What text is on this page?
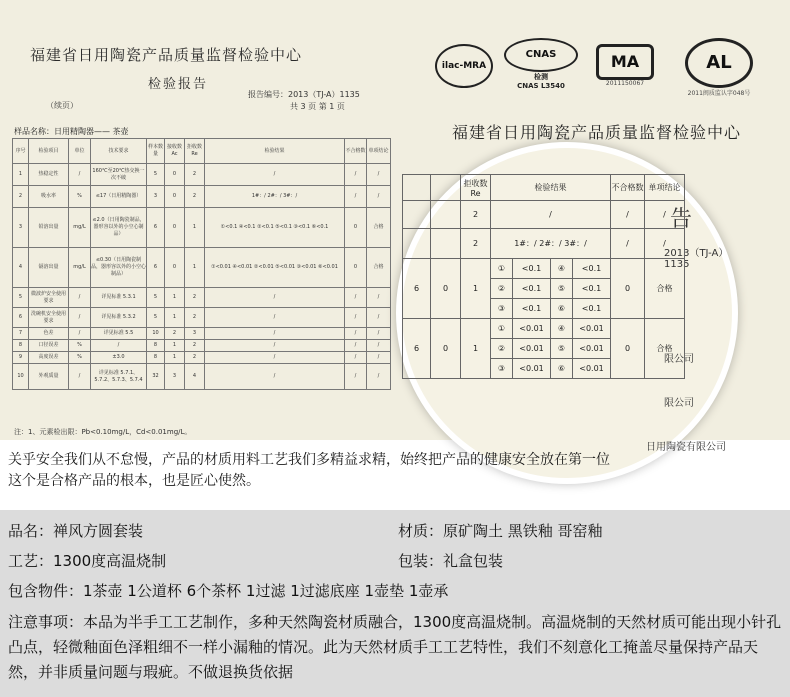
福建省日用陶瓷产品质量监督检验中心
检验报告
报告编号：2013（TJ-A）1135
（续页）	共 3 页 第 1 页
样品名称：日用精陶器—— 茶壶
序号	检验项目	单位	技术要求	样本数量	接收数Ac	拒收数Re	检验结果	不合格数	单项结论
1	热稳定性	/	160℃至20℃热交换一次不破	5	0	2	/	/	/
2	吸水率	%	≤17（日用精陶器）	3	0	2	1#：/ 2#：/ 3#：/	/	/
3	铅溶出量	mg/L	≤2.0（日用陶瓷制品，器形容以外的小空心制品）	6	0	1	①<0.1 ④<0.1 ②<0.1 ⑤<0.1 ③<0.1 ⑥<0.1	0	合格
4	镉溶出量	mg/L	≤0.30（日用陶瓷制品，器形容以外的小空心制品）	6	0	1	①<0.01 ④<0.01 ②<0.01 ⑤<0.01 ③<0.01 ⑥<0.01	0	合格
5	微波炉安全使用要求	/	详见标准 5.3.1	5	1	2	/	/	/
6	洗碗机安全使用要求	/	详见标准 5.3.2	5	1	2	/	/	/
7	色差	/	详见标准 5.5	10	2	3	/	/	/
8	口径误差	%	/	8	1	2	/	/	/
9	高度误差	%	±3.0	8	1	2	/	/	/
10	外观质量	/	详见标准 5.7.1、5.7.2、5.7.3、5.7.4	32	3	4	/	/	/
注：1、元素检出限：Pb<0.10mg/L，Cd<0.01mg/L。
ilac-MRA
CNAS
检测
CNAS L3540
MA
2011150067
AL
2011闽质监认字048号
福建省日用陶瓷产品质量监督检验中心
告
2013（TJ-A）1135
限公司
限公司
日用陶瓷有限公司
		拒收数Re	检验结果				不合格数	单项结论
		2	/				/	/
		2	1#：/ 2#：/ 3#：/				/	/
6	0	1	①	<0.1	④	<0.1	0	合格
			②	<0.1	⑤	<0.1		
			③	<0.1	⑥	<0.1		
6	0	1	①	<0.01	④	<0.01	0	合格
			②	<0.01	⑤	<0.01		
			③	<0.01	⑥	<0.01		
关乎安全我们从不怠慢，产品的材质用料工艺我们多精益求精，始终把产品的健康安全放在第一位
这个是合格产品的根本，也是匠心使然。
品名：禅风方圆套装	材质：原矿陶土 黑铁釉 哥窑釉
工艺：1300度高温烧制	包装：礼盒包装
包含物件：1茶壶 1公道杯 6个茶杯 1过滤 1过滤底座 1壶垫 1壶承
注意事项：本品为半手工工艺制作，多种天然陶瓷材质融合，1300度高温烧制。高温烧制的天然材质可能出现小针孔凸点，轻微釉面色泽粗细不一样小漏釉的情况。此为天然材质手工工艺特性，我们不刻意化工掩盖尽量保持产品天然，并非质量问题与瑕疵。不做退换货依据
